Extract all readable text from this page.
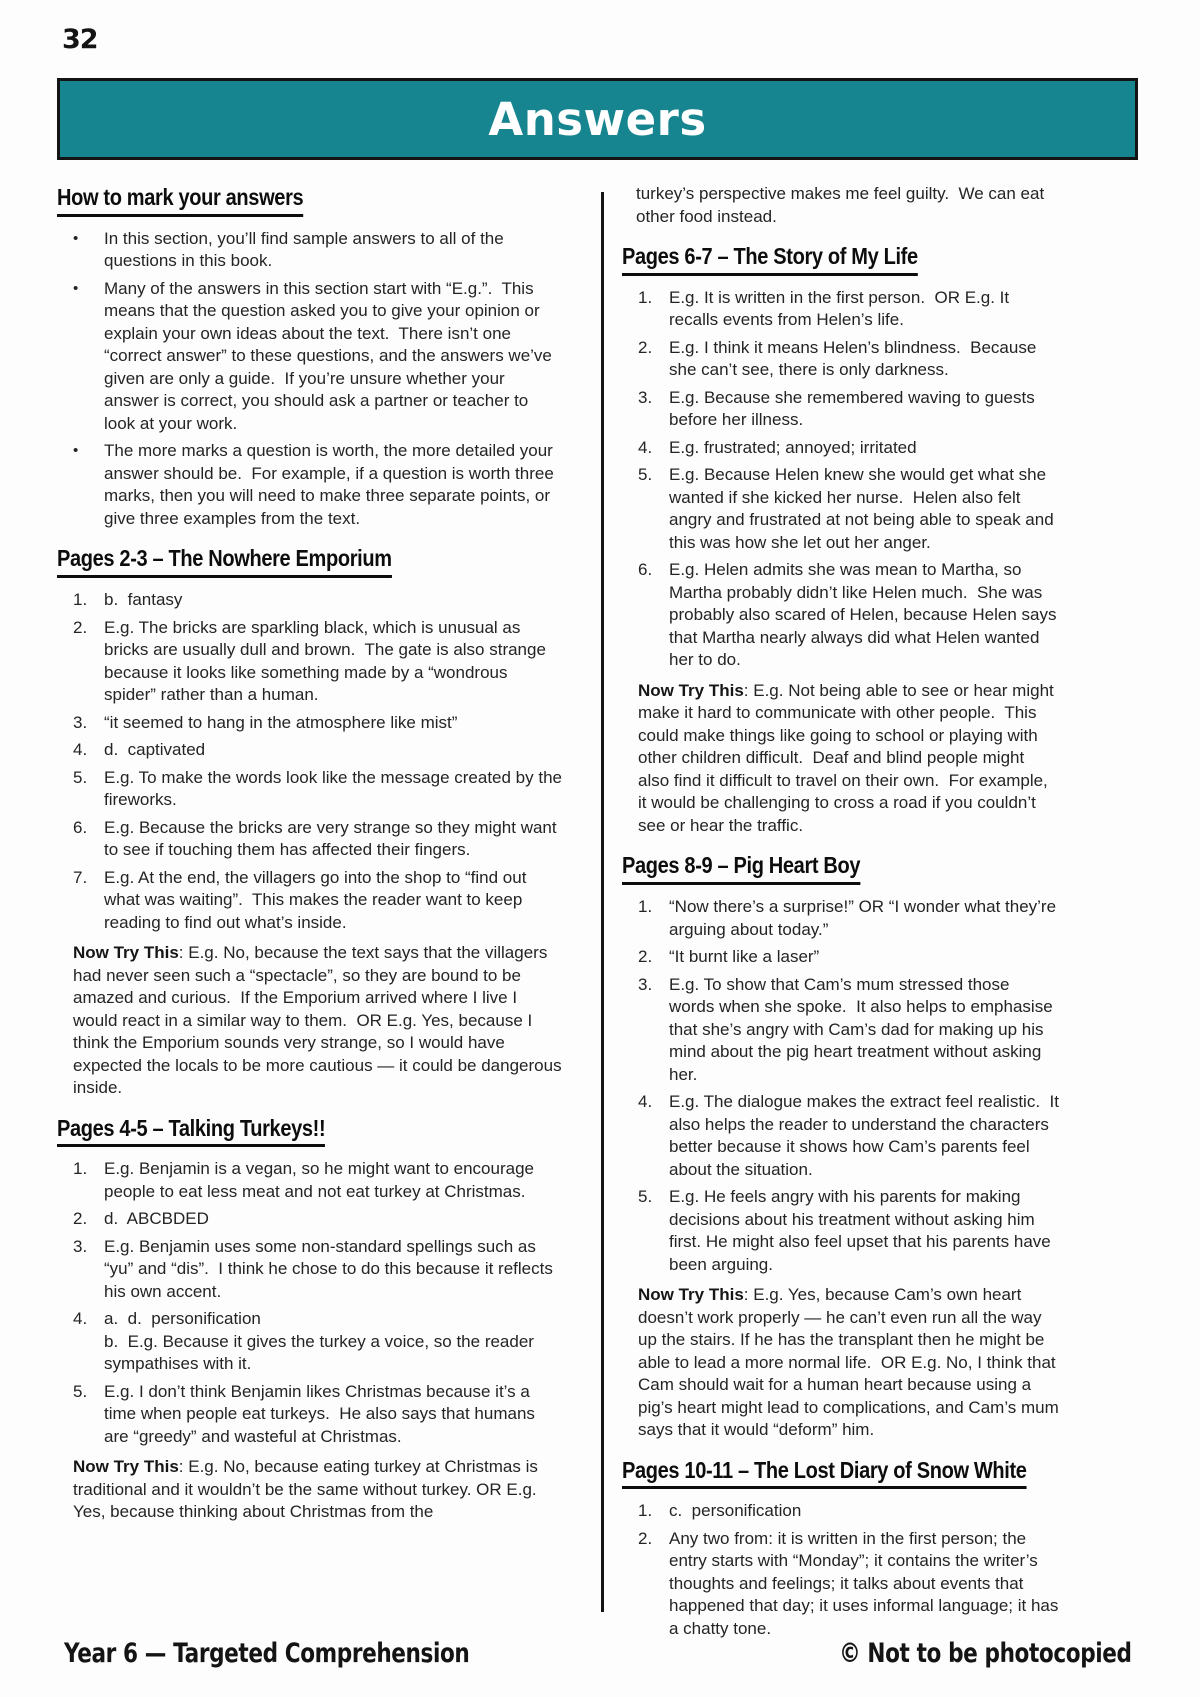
32
Answers
How to mark your answers
•	In this section, you’ll find sample answers to all of the questions in this book.
•	Many of the answers in this section start with “E.g.”.  This means that the question asked you to give your opinion or explain your own ideas about the text.  There isn’t one “correct answer” to these questions, and the answers we’ve given are only a guide.  If you’re unsure whether your answer is correct, you should ask a partner or teacher to look at your work.
•	The more marks a question is worth, the more detailed your answer should be.  For example, if a question is worth three marks, then you will need to make three separate points, or give three examples from the text.
Pages 2-3 – The Nowhere Emporium
1. b.  fantasy
2. E.g. The bricks are sparkling black, which is unusual as bricks are usually dull and brown.  The gate is also strange because it looks like something made by a “wondrous spider” rather than a human.
3. “it seemed to hang in the atmosphere like mist”
4. d.  captivated
5. E.g. To make the words look like the message created by the fireworks.
6. E.g. Because the bricks are very strange so they might want to see if touching them has affected their fingers.
7. E.g. At the end, the villagers go into the shop to “find out what was waiting”.  This makes the reader want to keep reading to find out what’s inside.
Now Try This: E.g. No, because the text says that the villagers had never seen such a “spectacle”, so they are bound to be amazed and curious.  If the Emporium arrived where I live I would react in a similar way to them.  OR E.g. Yes, because I think the Emporium sounds very strange, so I would have expected the locals to be more cautious — it could be dangerous inside.
Pages 4-5 – Talking Turkeys!!
1. E.g. Benjamin is a vegan, so he might want to encourage people to eat less meat and not eat turkey at Christmas.
2. d.  ABCBDED
3. E.g. Benjamin uses some non-standard spellings such as “yu” and “dis”.  I think he chose to do this because it reflects his own accent.
4. a.  d.  personification
b.  E.g. Because it gives the turkey a voice, so the reader sympathises with it.
5. E.g. I don’t think Benjamin likes Christmas because it’s a time when people eat turkeys.  He also says that humans are “greedy” and wasteful at Christmas.
Now Try This: E.g. No, because eating turkey at Christmas is traditional and it wouldn’t be the same without turkey. OR E.g. Yes, because thinking about Christmas from the
turkey’s perspective makes me feel guilty.  We can eat other food instead.
Pages 6-7 – The Story of My Life
1. E.g. It is written in the first person.  OR E.g. It recalls events from Helen’s life.
2. E.g. I think it means Helen’s blindness.  Because she can’t see, there is only darkness.
3. E.g. Because she remembered waving to guests before her illness.
4. E.g. frustrated; annoyed; irritated
5. E.g. Because Helen knew she would get what she wanted if she kicked her nurse.  Helen also felt angry and frustrated at not being able to speak and this was how she let out her anger.
6. E.g. Helen admits she was mean to Martha, so Martha probably didn’t like Helen much.  She was probably also scared of Helen, because Helen says that Martha nearly always did what Helen wanted her to do.
Now Try This: E.g. Not being able to see or hear might make it hard to communicate with other people.  This could make things like going to school or playing with other children difficult.  Deaf and blind people might also find it difficult to travel on their own.  For example, it would be challenging to cross a road if you couldn’t see or hear the traffic.
Pages 8-9 – Pig Heart Boy
1. “Now there’s a surprise!” OR “I wonder what they’re arguing about today.”
2. “It burnt like a laser”
3. E.g. To show that Cam’s mum stressed those words when she spoke.  It also helps to emphasise that she’s angry with Cam’s dad for making up his mind about the pig heart treatment without asking her.
4. E.g. The dialogue makes the extract feel realistic.  It also helps the reader to understand the characters better because it shows how Cam’s parents feel about the situation.
5. E.g. He feels angry with his parents for making decisions about his treatment without asking him first. He might also feel upset that his parents have been arguing.
Now Try This: E.g. Yes, because Cam’s own heart doesn’t work properly — he can’t even run all the way up the stairs. If he has the transplant then he might be able to lead a more normal life.  OR E.g. No, I think that Cam should wait for a human heart because using a pig’s heart might lead to complications, and Cam’s mum says that it would “deform” him.
Pages 10-11 – The Lost Diary of Snow White
1. c.  personification
2. Any two from: it is written in the first person; the entry starts with “Monday”; it contains the writer’s thoughts and feelings; it talks about events that happened that day; it uses informal language; it has a chatty tone.
Year 6 — Targeted Comprehension	© Not to be photocopied
